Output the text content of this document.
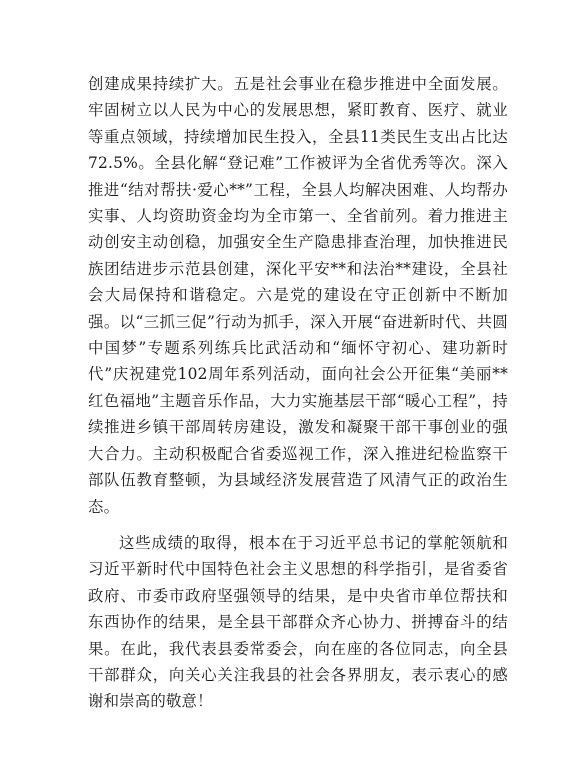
创建成果持续扩大。五是社会事业在稳步推进中全面发展。牢固树立以人民为中心的发展思想，紧盯教育、医疗、就业等重点领域，持续增加民生投入，全县11类民生支出占比达72.5%。全县化解“登记难”工作被评为全省优秀等次。深入推进“结对帮扶·爱心**”工程，全县人均解决困难、人均帮办实事、人均资助资金均为全市第一、全省前列。着力推进主动创安主动创稳，加强安全生产隐患排查治理，加快推进民族团结进步示范县创建，深化平安**和法治**建设，全县社会大局保持和谐稳定。六是党的建设在守正创新中不断加强。以“三抓三促”行动为抓手，深入开展“奋进新时代、共圆中国梦”专题系列练兵比武活动和“缅怀守初心、建功新时代”庆祝建党102周年系列活动，面向社会公开征集“美丽**红色福地”主题音乐作品，大力实施基层干部“暖心工程”，持续推进乡镇干部周转房建设，激发和凝聚干部干事创业的强大合力。主动积极配合省委巡视工作，深入推进纪检监察干部队伍教育整顿，为县域经济发展营造了风清气正的政治生态。

这些成绩的取得，根本在于习近平总书记的掌舵领航和习近平新时代中国特色社会主义思想的科学指引，是省委省政府、市委市政府坚强领导的结果，是中央省市单位帮扶和东西协作的结果，是全县干部群众齐心协力、拼搏奋斗的结果。在此，我代表县委常委会，向在座的各位同志，向全县干部群众，向关心关注我县的社会各界朋友，表示衷心的感谢和崇高的敬意！
